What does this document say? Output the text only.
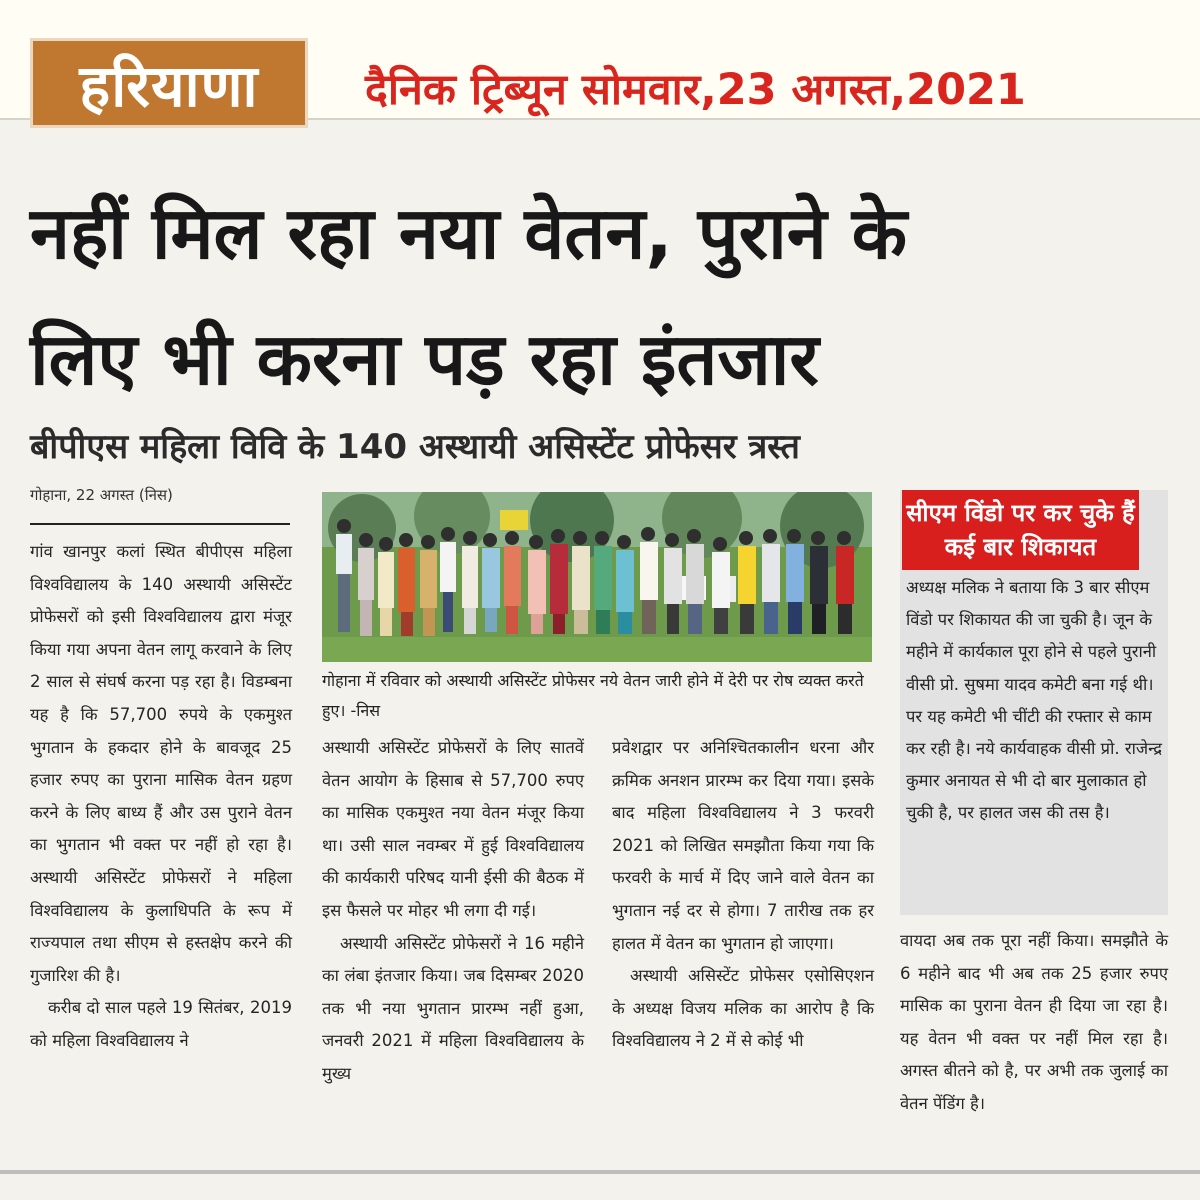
हरियाणा	दैनिक ट्रिब्यून सोमवार,23 अगस्त,2021
नहीं मिल रहा नया वेतन, पुराने के
लिए भी करना पड़ रहा इंतजार
बीपीएस महिला विवि के 140 अस्थायी असिस्टेंट प्रोफेसर त्रस्त
गोहाना, 22 अगस्त (निस)

गांव खानपुर कलां स्थित बीपीएस महिला विश्वविद्यालय के 140 अस्थायी असिस्टेंट प्रोफेसरों को इसी विश्वविद्यालय द्वारा मंजूर किया गया अपना वेतन लागू करवाने के लिए 2 साल से संघर्ष करना पड़ रहा है। विडम्बना यह है कि 57,700 रुपये के एकमुश्त भुगतान के हकदार होने के बावजूद 25 हजार रुपए का पुराना मासिक वेतन ग्रहण करने के लिए बाध्य हैं और उस पुराने वेतन का भुगतान भी वक्त पर नहीं हो रहा है। अस्थायी असिस्टेंट प्रोफेसरों ने महिला विश्वविद्यालय के कुलाधिपति के रूप में राज्यपाल तथा सीएम से हस्तक्षेप करने की गुजारिश की है।

करीब दो साल पहले 19 सितंबर, 2019 को महिला विश्वविद्यालय ने

गोहाना में रविवार को अस्थायी असिस्टेंट प्रोफेसर नये वेतन जारी होने में देरी पर रोष व्यक्त करते हुए। -निस

अस्थायी असिस्टेंट प्रोफेसरों के लिए सातवें वेतन आयोग के हिसाब से 57,700 रुपए का मासिक एकमुश्त नया वेतन मंजूर किया था। उसी साल नवम्बर में हुई विश्वविद्यालय की कार्यकारी परिषद यानी ईसी की बैठक में इस फैसले पर मोहर भी लगा दी गई।

अस्थायी असिस्टेंट प्रोफेसरों ने 16 महीने का लंबा इंतजार किया। जब दिसम्बर 2020 तक भी नया भुगतान प्रारम्भ नहीं हुआ, जनवरी 2021 में महिला विश्वविद्यालय के मुख्य

प्रवेशद्वार पर अनिश्चितकालीन धरना और क्रमिक अनशन प्रारम्भ कर दिया गया। इसके बाद महिला विश्वविद्यालय ने 3 फरवरी 2021 को लिखित समझौता किया गया कि फरवरी के मार्च में दिए जाने वाले वेतन का भुगतान नई दर से होगा। 7 तारीख तक हर हालत में वेतन का भुगतान हो जाएगा।

अस्थायी असिस्टेंट प्रोफेसर एसोसिएशन के अध्यक्ष विजय मलिक का आरोप है कि विश्वविद्यालय ने 2 में से कोई भी

सीएम विंडो पर कर चुके हैं कई बार शिकायत
अध्यक्ष मलिक ने बताया कि 3 बार सीएम विंडो पर शिकायत की जा चुकी है। जून के महीने में कार्यकाल पूरा होने से पहले पुरानी वीसी प्रो. सुषमा यादव कमेटी बना गई थी। पर यह कमेटी भी चींटी की रफ्तार से काम कर रही है। नये कार्यवाहक वीसी प्रो. राजेन्द्र कुमार अनायत से भी दो बार मुलाकात हो चुकी है, पर हालत जस की तस है।

वायदा अब तक पूरा नहीं किया। समझौते के 6 महीने बाद भी अब तक 25 हजार रुपए मासिक का पुराना वेतन ही दिया जा रहा है। यह वेतन भी वक्त पर नहीं मिल रहा है। अगस्त बीतने को है, पर अभी तक जुलाई का वेतन पेंडिंग है।
